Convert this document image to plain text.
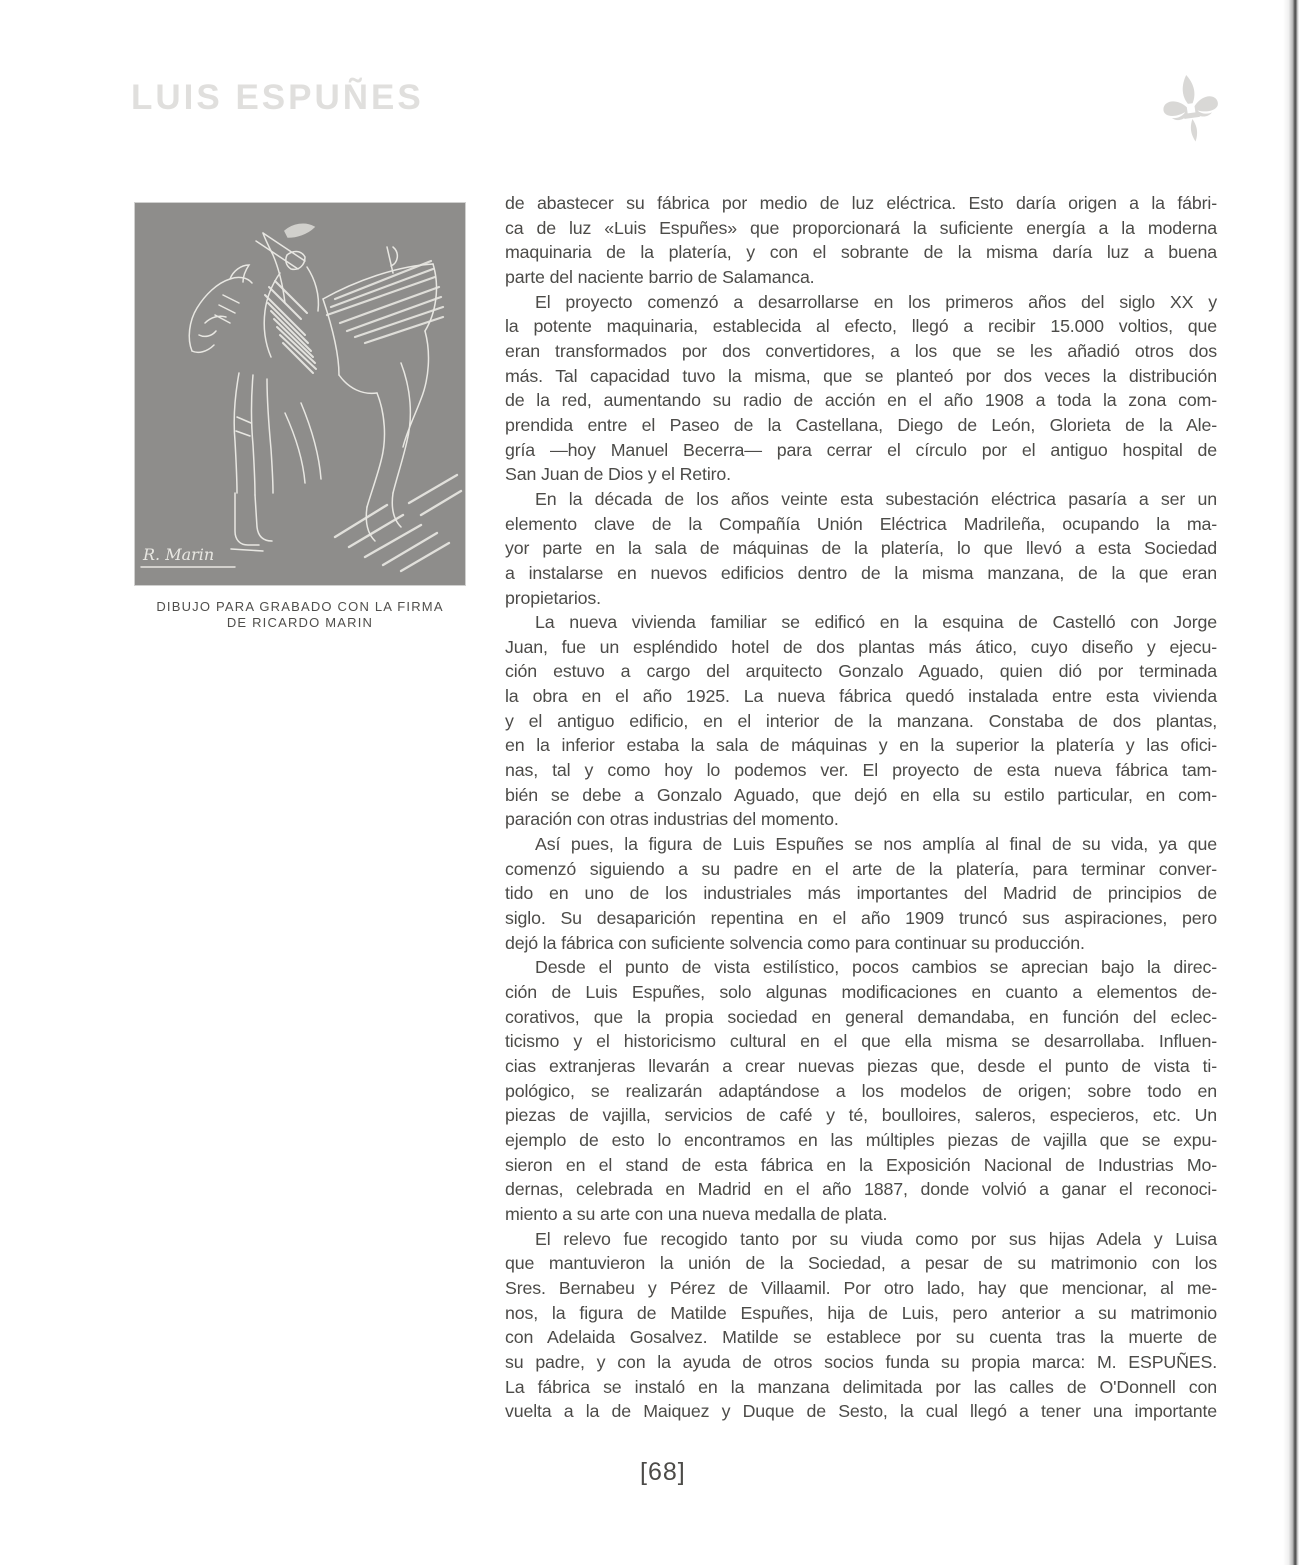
LUIS ESPUÑES
R. Marin
DIBUJO PARA GRABADO CON LA FIRMA
DE RICARDO MARIN
de abastecer su fábrica por medio de luz eléctrica. Esto daría origen a la fábri-
ca de luz «Luis Espuñes» que proporcionará la suficiente energía a la moderna
maquinaria de la platería, y con el sobrante de la misma daría luz a buena
parte del naciente barrio de Salamanca.
El proyecto comenzó a desarrollarse en los primeros años del siglo XX y
la potente maquinaria, establecida al efecto, llegó a recibir 15.000 voltios, que
eran transformados por dos convertidores, a los que se les añadió otros dos
más. Tal capacidad tuvo la misma, que se planteó por dos veces la distribución
de la red, aumentando su radio de acción en el año 1908 a toda la zona com-
prendida entre el Paseo de la Castellana, Diego de León, Glorieta de la Ale-
gría —hoy Manuel Becerra— para cerrar el círculo por el antiguo hospital de
San Juan de Dios y el Retiro.
En la década de los años veinte esta subestación eléctrica pasaría a ser un
elemento clave de la Compañía Unión Eléctrica Madrileña, ocupando la ma-
yor parte en la sala de máquinas de la platería, lo que llevó a esta Sociedad
a instalarse en nuevos edificios dentro de la misma manzana, de la que eran
propietarios.
La nueva vivienda familiar se edificó en la esquina de Castelló con Jorge
Juan, fue un espléndido hotel de dos plantas más ático, cuyo diseño y ejecu-
ción estuvo a cargo del arquitecto Gonzalo Aguado, quien dió por terminada
la obra en el año 1925. La nueva fábrica quedó instalada entre esta vivienda
y el antiguo edificio, en el interior de la manzana. Constaba de dos plantas,
en la inferior estaba la sala de máquinas y en la superior la platería y las ofici-
nas, tal y como hoy lo podemos ver. El proyecto de esta nueva fábrica tam-
bién se debe a Gonzalo Aguado, que dejó en ella su estilo particular, en com-
paración con otras industrias del momento.
Así pues, la figura de Luis Espuñes se nos amplía al final de su vida, ya que
comenzó siguiendo a su padre en el arte de la platería, para terminar conver-
tido en uno de los industriales más importantes del Madrid de principios de
siglo. Su desaparición repentina en el año 1909 truncó sus aspiraciones, pero
dejó la fábrica con suficiente solvencia como para continuar su producción.
Desde el punto de vista estilístico, pocos cambios se aprecian bajo la direc-
ción de Luis Espuñes, solo algunas modificaciones en cuanto a elementos de-
corativos, que la propia sociedad en general demandaba, en función del eclec-
ticismo y el historicismo cultural en el que ella misma se desarrollaba. Influen-
cias extranjeras llevarán a crear nuevas piezas que, desde el punto de vista ti-
pológico, se realizarán adaptándose a los modelos de origen; sobre todo en
piezas de vajilla, servicios de café y té, boulloires, saleros, especieros, etc. Un
ejemplo de esto lo encontramos en las múltiples piezas de vajilla que se expu-
sieron en el stand de esta fábrica en la Exposición Nacional de Industrias Mo-
dernas, celebrada en Madrid en el año 1887, donde volvió a ganar el reconoci-
miento a su arte con una nueva medalla de plata.
El relevo fue recogido tanto por su viuda como por sus hijas Adela y Luisa
que mantuvieron la unión de la Sociedad, a pesar de su matrimonio con los
Sres. Bernabeu y Pérez de Villaamil. Por otro lado, hay que mencionar, al me-
nos, la figura de Matilde Espuñes, hija de Luis, pero anterior a su matrimonio
con Adelaida Gosalvez. Matilde se establece por su cuenta tras la muerte de
su padre, y con la ayuda de otros socios funda su propia marca: M. ESPUÑES.
La fábrica se instaló en la manzana delimitada por las calles de O'Donnell con
vuelta a la de Maiquez y Duque de Sesto, la cual llegó a tener una importante
[68]
